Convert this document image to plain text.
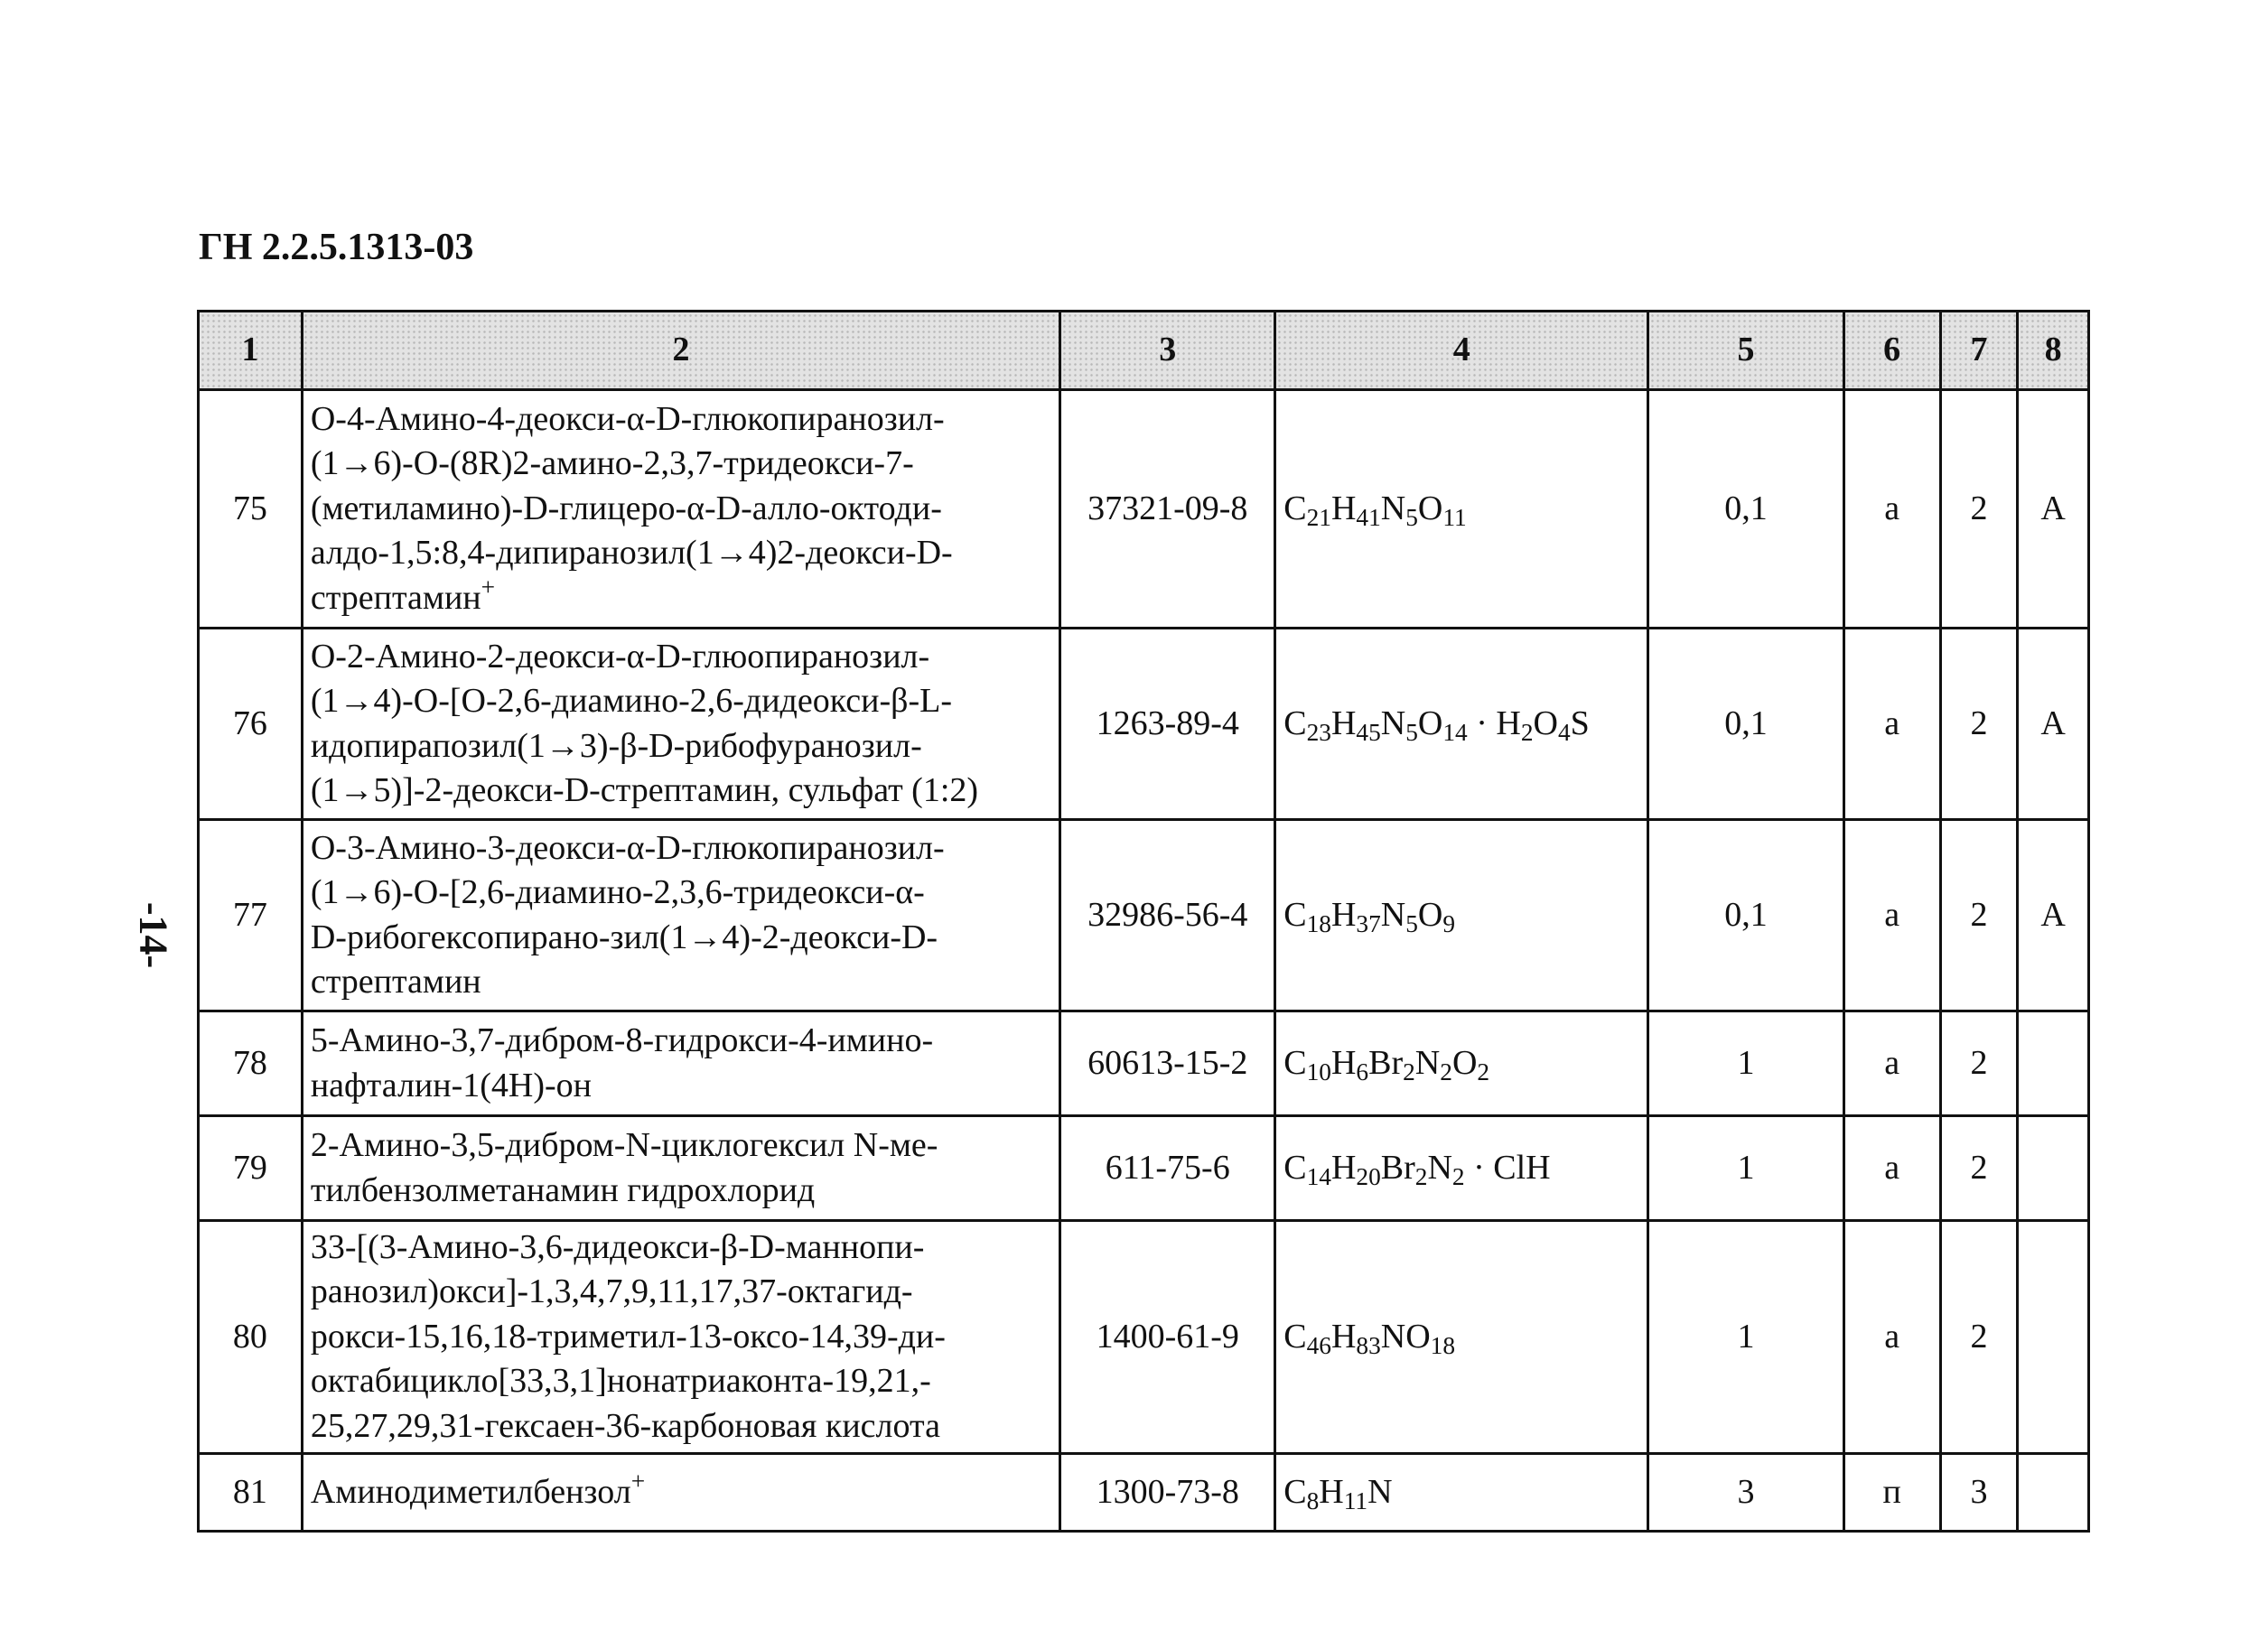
ГН 2.2.5.1313-03
-14-
1	2	3	4	5	6	7	8
75	О-4-Амино-4-деокси-α-D-глюкопиранозил-
(1→6)-О-(8R)2-амино-2,3,7-тридеокси-7-
(метиламино)-D-глицеро-α-D-алло-октоди-
алдо-1,5:8,4-дипиранозил(1→4)2-деокси-D-
стрептамин+	37321-09-8	$C_{21}H_{41}N_5O_{11}$	0,1	а	2	А
76	О-2-Амино-2-деокси-α-D-глюопиранозил-
(1→4)-О-[О-2,6-диамино-2,6-дидеокси-β-L-
идопирапозил(1→3)-β-D-рибофуранозил-
(1→5)]-2-деокси-D-стрептамин, сульфат (1:2)	1263-89-4	$C_{23}H_{45}N_5O_{14} \cdot H_2O_4S$	0,1	а	2	А
77	О-3-Амино-3-деокси-α-D-глюкопиранозил-
(1→6)-О-[2,6-диамино-2,3,6-тридеокси-α-
D-рибогексопирано-зил(1→4)-2-деокси-D-
стрептамин	32986-56-4	$C_{18}H_{37}N_5O_9$	0,1	а	2	А
78	5-Амино-3,7-дибром-8-гидрокси-4-имино-
нафталин-1(4Н)-он	60613-15-2	$C_{10}H_6Br_2N_2O_2$	1	а	2	
79	2-Амино-3,5-дибром-N-циклогексил N-ме-
тилбензолметанамин гидрохлорид	611-75-6	$C_{14}H_{20}Br_2N_2$ · ClH	1	а	2	
80	33-[(3-Амино-3,6-дидеокси-β-D-маннопи-
ранозил)окси]-1,3,4,7,9,11,17,37-октагид-
рокси-15,16,18-триметил-13-оксо-14,39-ди-
октабицикло[33,3,1]нонатриаконта-19,21,-
25,27,29,31-гексаен-36-карбоновая кислота	1400-61-9	$C_{46}H_{83}NO_{18}$	1	а	2	
81	Аминодиметилбензол+	1300-73-8	$C_8H_{11}N$	3	п	3	
